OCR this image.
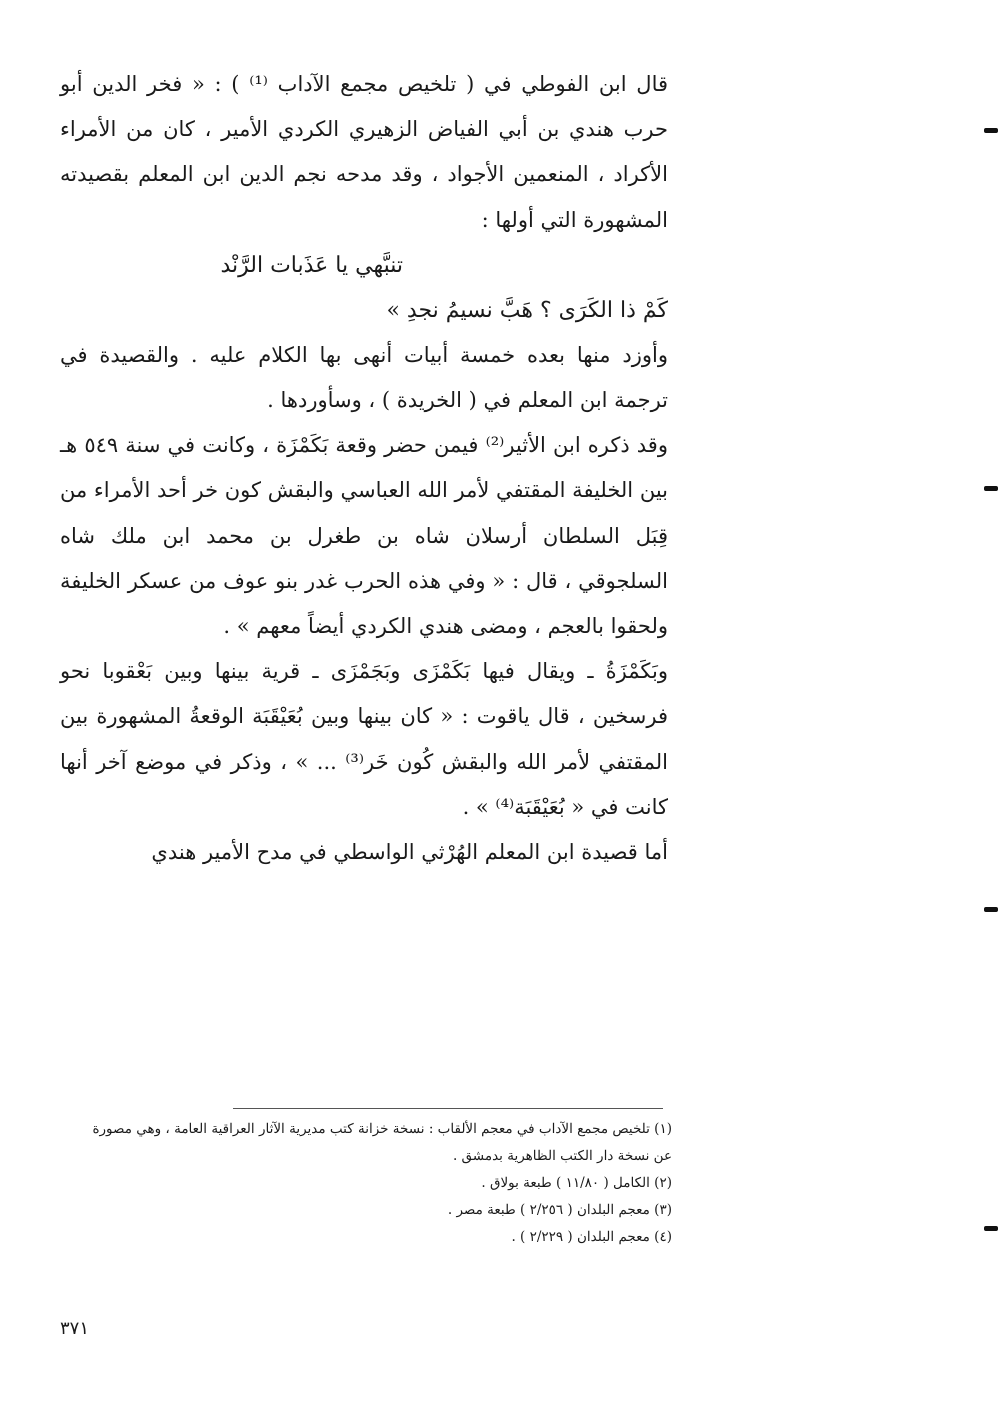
قال ابن الفوطي في ( تلخيص مجمع الآداب ⁽¹⁾ ) : « فخر الدين أبو حرب هندي بن أبي الفياض الزهيري الكردي الأمير ، كان من الأمراء الأكراد ، المنعمين الأجواد ، وقد مدحه نجم الدين ابن المعلم بقصيدته المشهورة التي أولها :

تنبَّهي يا عَذَبات الرَّنْد
كَمْ ذا الكَرَى ؟ هَبَّ نسيمُ نجدِ »

وأوزد منها بعده خمسة أبيات أنهى بها الكلام عليه . والقصيدة في ترجمة ابن المعلم في ( الخريدة ) ، وسأوردها .

وقد ذكره ابن الأثير⁽²⁾ فيمن حضر وقعة بَكَمْزَة ، وكانت في سنة ٥٤٩ هـ بين الخليفة المقتفي لأمر الله العباسي والبقش كون خر أحد الأمراء من قِبَل السلطان أرسلان شاه بن طغرل بن محمد ابن ملك شاه السلجوقي ، قال : « وفي هذه الحرب غدر بنو عوف من عسكر الخليفة ولحقوا بالعجم ، ومضى هندي الكردي أيضاً معهم » .

وبَكَمْزَةُ ـ ويقال فيها بَكَمْزَى وبَجَمْزَى ـ قرية بينها وبين بَعْقوبا نحو فرسخين ، قال ياقوت : « كان بينها وبين بُعَيْقَبَة الوقعةُ المشهورة بين المقتفي لأمر الله والبقش كُون خَر⁽³⁾ ... » ، وذكر في موضع آخر أنها كانت في « بُعَيْقَبَة⁽⁴⁾ » .

أما قصيدة ابن المعلم الهُرْثي الواسطي في مدح الأمير هندي

(١) تلخيص مجمع الآداب في معجم الألقاب : نسخة خزانة كتب مديرية الآثار العراقية العامة ، وهي مصورة عن نسخة دار الكتب الظاهرية بدمشق .

(٢) الكامل ( ١١/٨٠ ) طبعة بولاق .

(٣) معجم البلدان ( ٢/٢٥٦ ) طبعة مصر .

(٤) معجم البلدان ( ٢/٢٢٩ ) .

٣٧١
